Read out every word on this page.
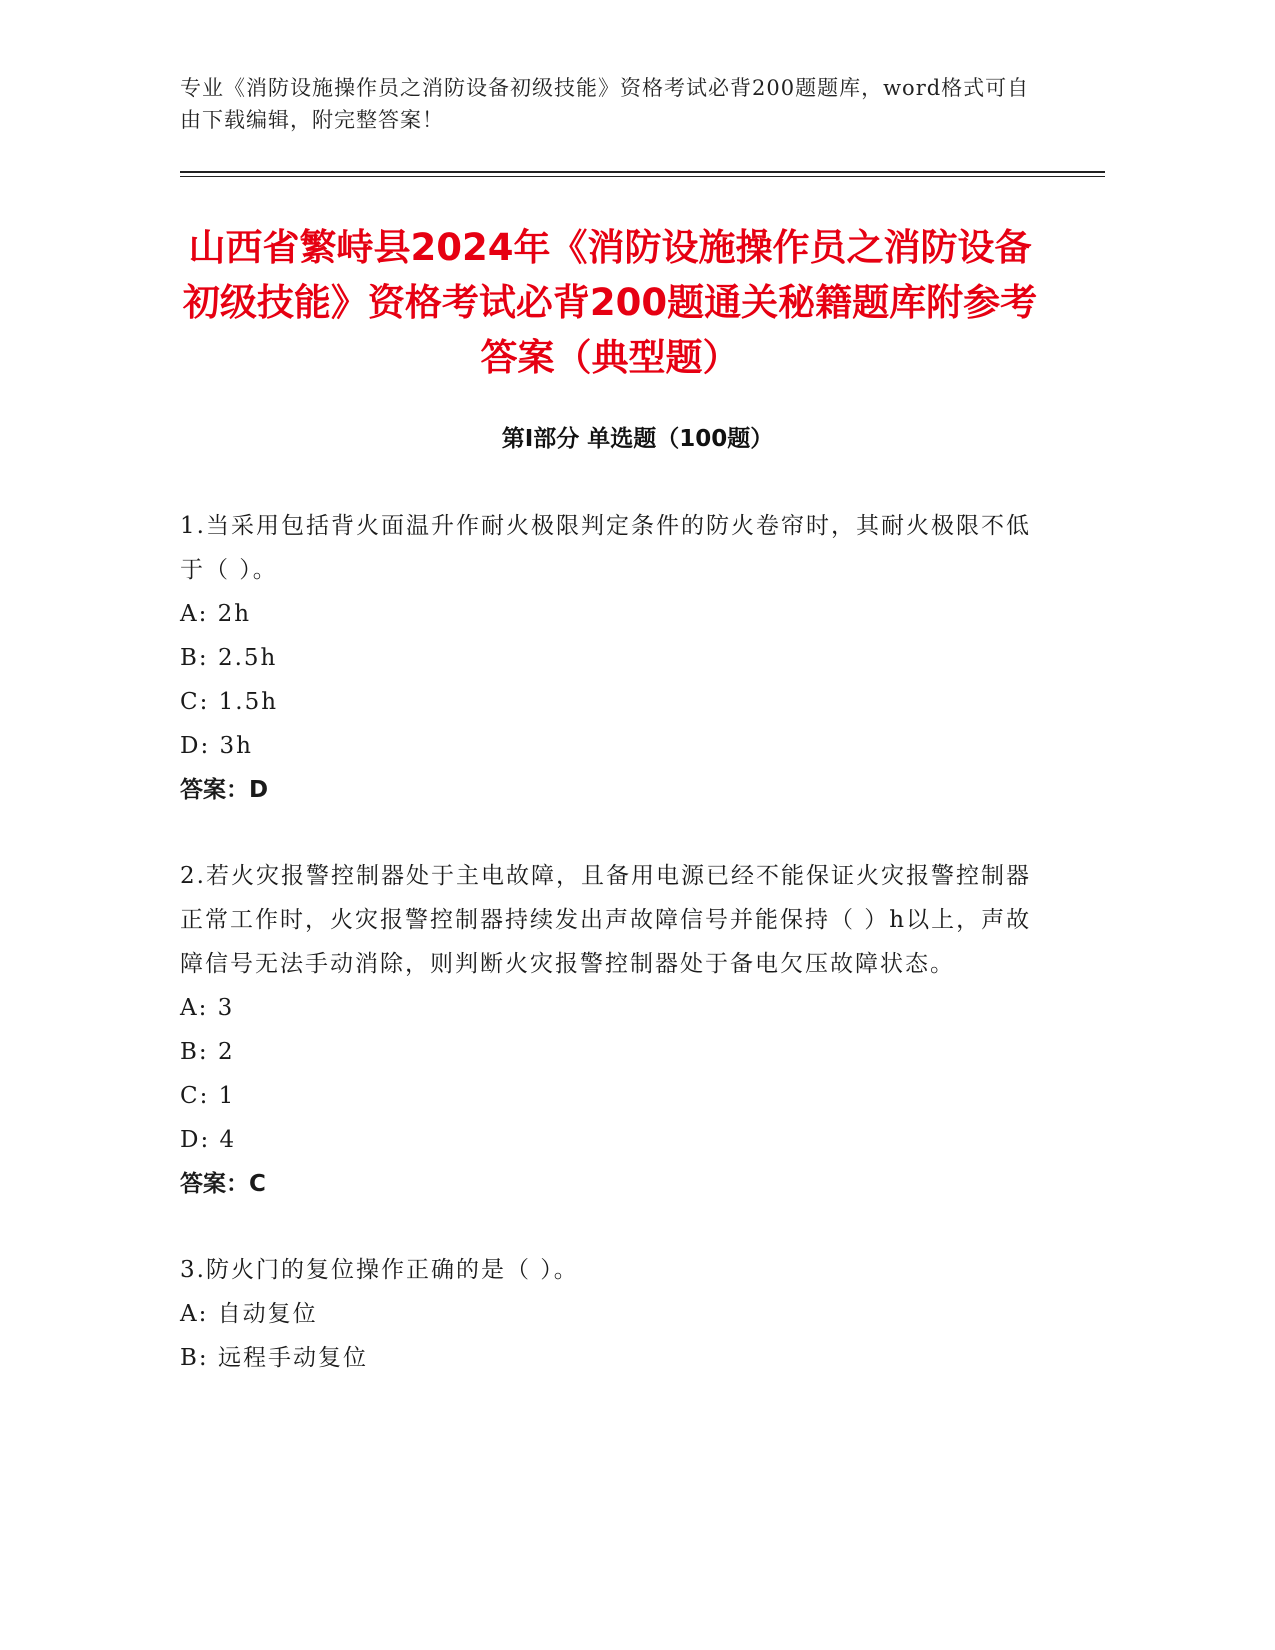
专业《消防设施操作员之消防设备初级技能》资格考试必背200题题库，word格式可自由下载编辑，附完整答案！
山西省繁峙县2024年《消防设施操作员之消防设备初级技能》资格考试必背200题通关秘籍题库附参考答案（典型题）
第Ⅰ部分 单选题（100题）

1.当采用包括背火面温升作耐火极限判定条件的防火卷帘时，其耐火极限不低于（ ）。

A: 2h

B: 2.5h

C: 1.5h

D: 3h

答案：D

2.若火灾报警控制器处于主电故障，且备用电源已经不能保证火灾报警控制器正常工作时，火灾报警控制器持续发出声故障信号并能保持（ ）h以上，声故障信号无法手动消除，则判断火灾报警控制器处于备电欠压故障状态。

A: 3

B: 2

C: 1

D: 4

答案：C

3.防火门的复位操作正确的是（ ）。

A: 自动复位

B: 远程手动复位
